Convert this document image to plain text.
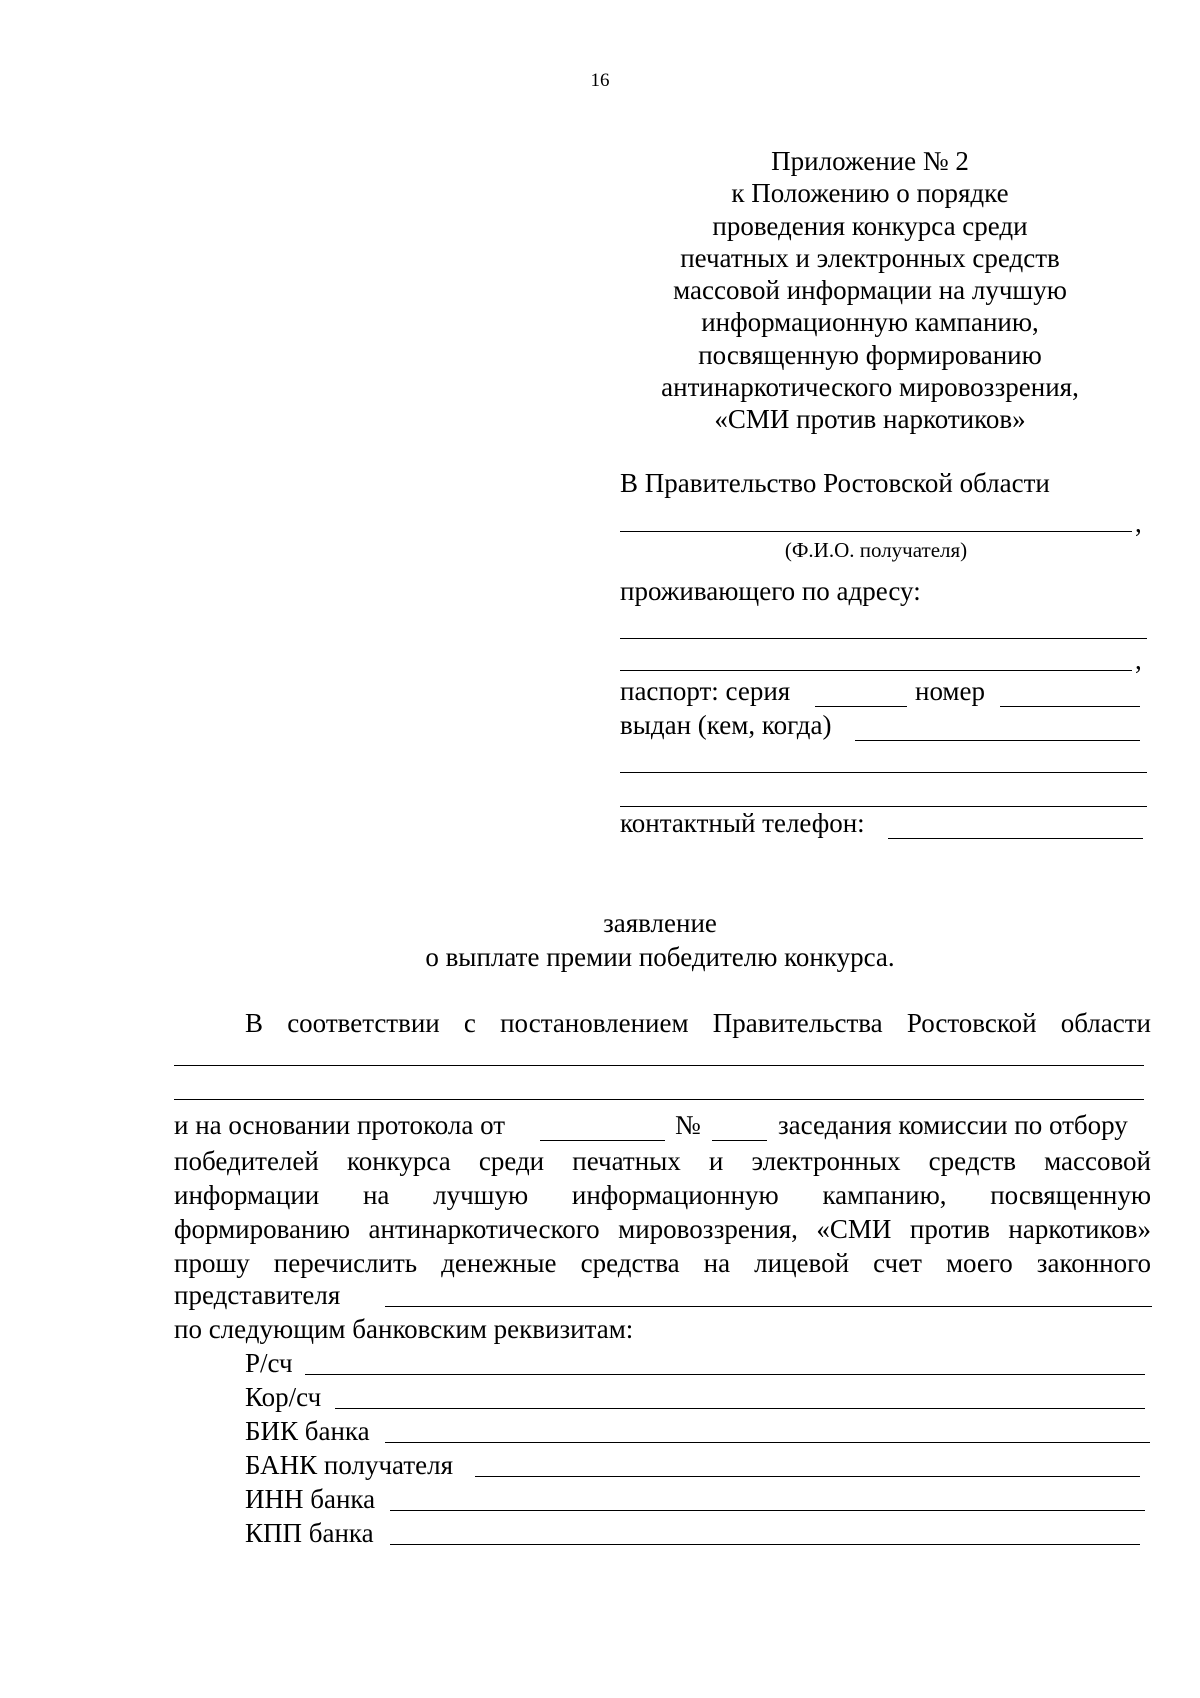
16
Приложение № 2
к Положению о порядке
проведения конкурса среди
печатных и электронных средств
массовой информации на лучшую
информационную кампанию,
посвященную формированию
антинаркотического мировоззрения,
«СМИ против наркотиков»
В Правительство Ростовской области
,
(Ф.И.О. получателя)
проживающего по адресу:
,
паспорт: серия	номер
выдан (кем, когда)
контактный телефон:
заявление
о выплате премии победителю конкурса.
В соответствии с постановлением Правительства Ростовской области
и на основании протокола от	№	заседания комиссии по отбору
победителей конкурса среди печатных и электронных средств массовой
информации на лучшую информационную кампанию, посвященную
формированию антинаркотического мировоззрения, «СМИ против наркотиков»
прошу перечислить денежные средства на лицевой счет моего законного
представителя
по следующим банковским реквизитам:
Р/сч
Кор/сч
БИК банка
БАНК получателя
ИНН банка
КПП банка
